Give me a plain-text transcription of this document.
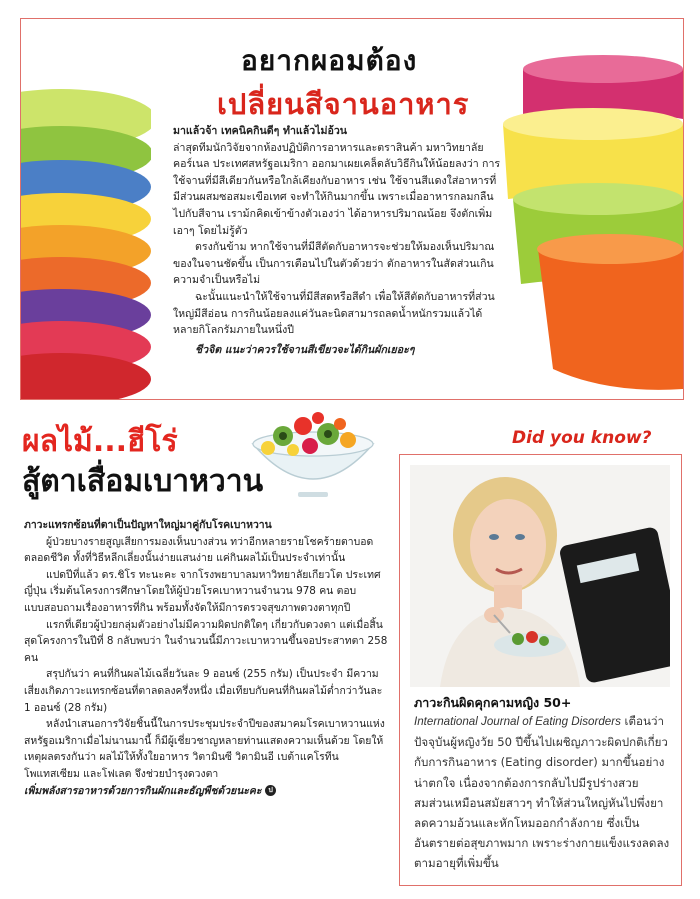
อยากผอมต้อง
เปลี่ยนสีจานอาหาร

มาแล้วจ้า เทคนิคกินดีๆ ทำแล้วไม่อ้วน

ล่าสุดทีมนักวิจัยจากห้องปฏิบัติการอาหารและตราสินค้า มหาวิทยาลัยคอร์เนล ประเทศสหรัฐอเมริกา ออกมาเผยเคล็ดลับวิธีกินให้น้อยลงว่า การใช้จานที่มีสีเดียวกันหรือใกล้เคียงกับอาหาร เช่น ใช้จานสีแดงใส่อาหารที่มีส่วนผสมซอสมะเขือเทศ จะทำให้กินมากขึ้น เพราะเมื่ออาหารกลมกลืนไปกับสีจาน เราม้กคิดเข้าข้างตัวเองว่า ได้อาหารปริมาณน้อย จึงตักเพิ่มเอาๆ โดยไม่รู้ตัว

ตรงกันข้าม หากใช้จานที่มีสีตัดกับอาหารจะช่วยให้มองเห็นปริมาณของในจานชัดขึ้น เป็นการเตือนไปในตัวด้วยว่า ตักอาหารในสัดส่วนเกินความจำเป็นหรือไม่

ฉะนั้นแนะนำให้ใช้จานที่มีสีสดหรือสีดำ เพื่อให้สีตัดกับอาหารที่ส่วนใหญ่มีสีอ่อน การกินน้อยลงแค่วันละนิดสามารถลดน้ำหนักรวมแล้วได้หลายกิโลกรัมภายในหนึ่งปี

ชีวจิต แนะว่าควรใช้จานสีเขียวจะได้กินผักเยอะๆ

ผลไม้...ฮีโร่
สู้ตาเสื่อมเบาหวาน

ภาวะแทรกซ้อนที่ตาเป็นปัญหาใหญ่มาคู่กับโรคเบาหวาน

ผู้ป่วยบางรายสูญเสียการมองเห็นบางส่วน ทว่าอีกหลายรายโชคร้ายตาบอดตลอดชีวิต ทั้งที่วิธีหลีกเลี่ยงนั้นง่ายแสนง่าย แค่กินผลไม้เป็นประจำเท่านั้น

แปดปีที่แล้ว ดร.ชิโร ทะนะคะ จากโรงพยาบาลมหาวิทยาลัยเกียวโต ประเทศญี่ปุ่น เริ่มต้นโครงการศึกษาโดยให้ผู้ป่วยโรคเบาหวานจำนวน 978 คน ตอบแบบสอบถามเรื่องอาหารที่กิน พร้อมทั้งจัดให้มีการตรวจสุขภาพดวงตาทุกปี

แรกที่เดียวผู้ป่วยกลุ่มตัวอย่างไม่มีความผิดปกติใดๆ เกี่ยวกับดวงตา แต่เมื่อสิ้นสุดโครงการในปีที่ 8 กลับพบว่า ในจำนวนนี้มีภาวะเบาหวานขึ้นจอประสาทตา 258 คน

สรุปกันว่า คนที่กินผลไม้เฉลี่ยวันละ 9 ออนซ์ (255 กรัม) เป็นประจำ มีความเสี่ยงเกิดภาวะแทรกซ้อนที่ตาลดลงครึ่งหนึ่ง เมื่อเทียบกับคนที่กินผลไม้ต่ำกว่าวันละ 1 ออนซ์ (28 กรัม)

หลังนำเสนอการวิจัยชิ้นนี้ในการประชุมประจำปีของสมาคมโรคเบาหวานแห่งสหรัฐอเมริกาเมื่อไม่นานมานี้ ก็มีผู้เชี่ยวชาญหลายท่านแสดงความเห็นด้วย โดยให้เหตุผลตรงกันว่า ผลไม้ให้ทั้งใยอาหาร วิตามินซี วิตามินอี เบต้าแคโรทีน โพแทสเซียม และโฟเลต จึงช่วยบำรุงดวงตา

เพิ่มพลังสารอาหารด้วยการกินผักและธัญพืชด้วยนะคะ ป

Did you know?
ภาวะกินผิดคุกคามหญิง 50+

International Journal of Eating Disorders เตือนว่า ปัจจุบันผู้หญิงวัย 50 ปีขึ้นไปเผชิญภาวะผิดปกติเกี่ยวกับการกินอาหาร (Eating disorder) มากขึ้นอย่างน่าตกใจ เนื่องจากต้องการกลับไปมีรูปร่างสวยสมส่วนเหมือนสมัยสาวๆ ทำให้ส่วนใหญ่หันไปพึ่งยาลดความอ้วนและหักโหมออกกำลังกาย ซึ่งเป็นอันตรายต่อสุขภาพมาก เพราะร่างกายแข็งแรงลดลงตามอายุที่เพิ่มขึ้น
